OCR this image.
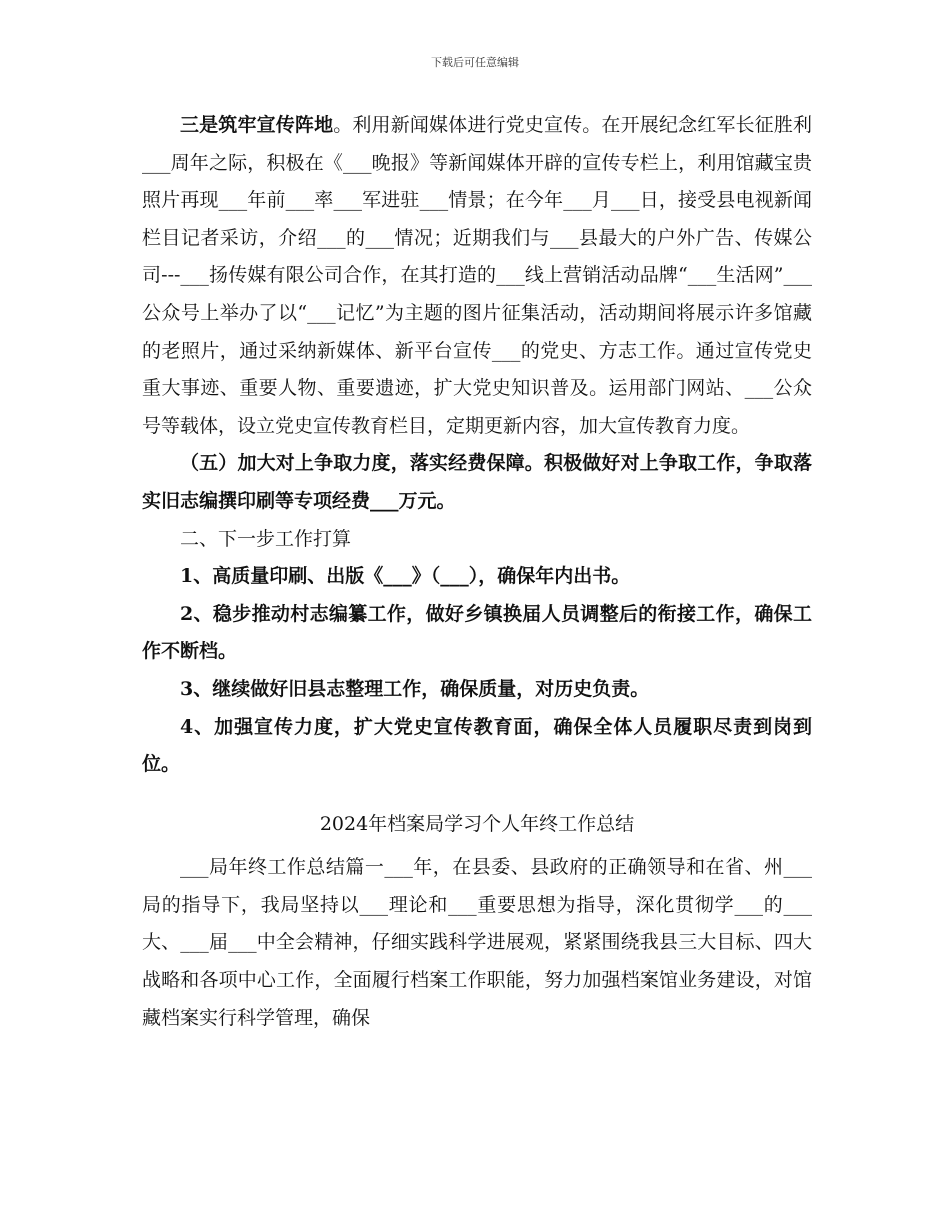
下载后可任意编辑

三是筑牢宣传阵地。利用新闻媒体进行党史宣传。在开展纪念红军长征胜利___周年之际，积极在《___晚报》等新闻媒体开辟的宣传专栏上，利用馆藏宝贵照片再现___年前___率___军进驻___情景；在今年___月___日，接受县电视新闻栏目记者采访，介绍___的___情况；近期我们与___县最大的户外广告、传媒公司---___扬传媒有限公司合作，在其打造的___线上营销活动品牌“___生活网”___公众号上举办了以“___记忆”为主题的图片征集活动，活动期间将展示许多馆藏的老照片，通过采纳新媒体、新平台宣传___的党史、方志工作。通过宣传党史重大事迹、重要人物、重要遗迹，扩大党史知识普及。运用部门网站、___公众号等载体，设立党史宣传教育栏目，定期更新内容，加大宣传教育力度。

（五）加大对上争取力度，落实经费保障。积极做好对上争取工作，争取落实旧志编撰印刷等专项经费___万元。

二、下一步工作打算

1、高质量印刷、出版《___》（___），确保年内出书。

2、稳步推动村志编纂工作，做好乡镇换届人员调整后的衔接工作，确保工作不断档。

3、继续做好旧县志整理工作，确保质量，对历史负责。

4、加强宣传力度，扩大党史宣传教育面，确保全体人员履职尽责到岗到位。

2024年档案局学习个人年终工作总结

___局年终工作总结篇一___年，在县委、县政府的正确领导和在省、州___局的指导下，我局坚持以___理论和___重要思想为指导，深化贯彻学___的___大、___届___中全会精神，仔细实践科学进展观，紧紧围绕我县三大目标、四大战略和各项中心工作，全面履行档案工作职能，努力加强档案馆业务建设，对馆藏档案实行科学管理，确保
